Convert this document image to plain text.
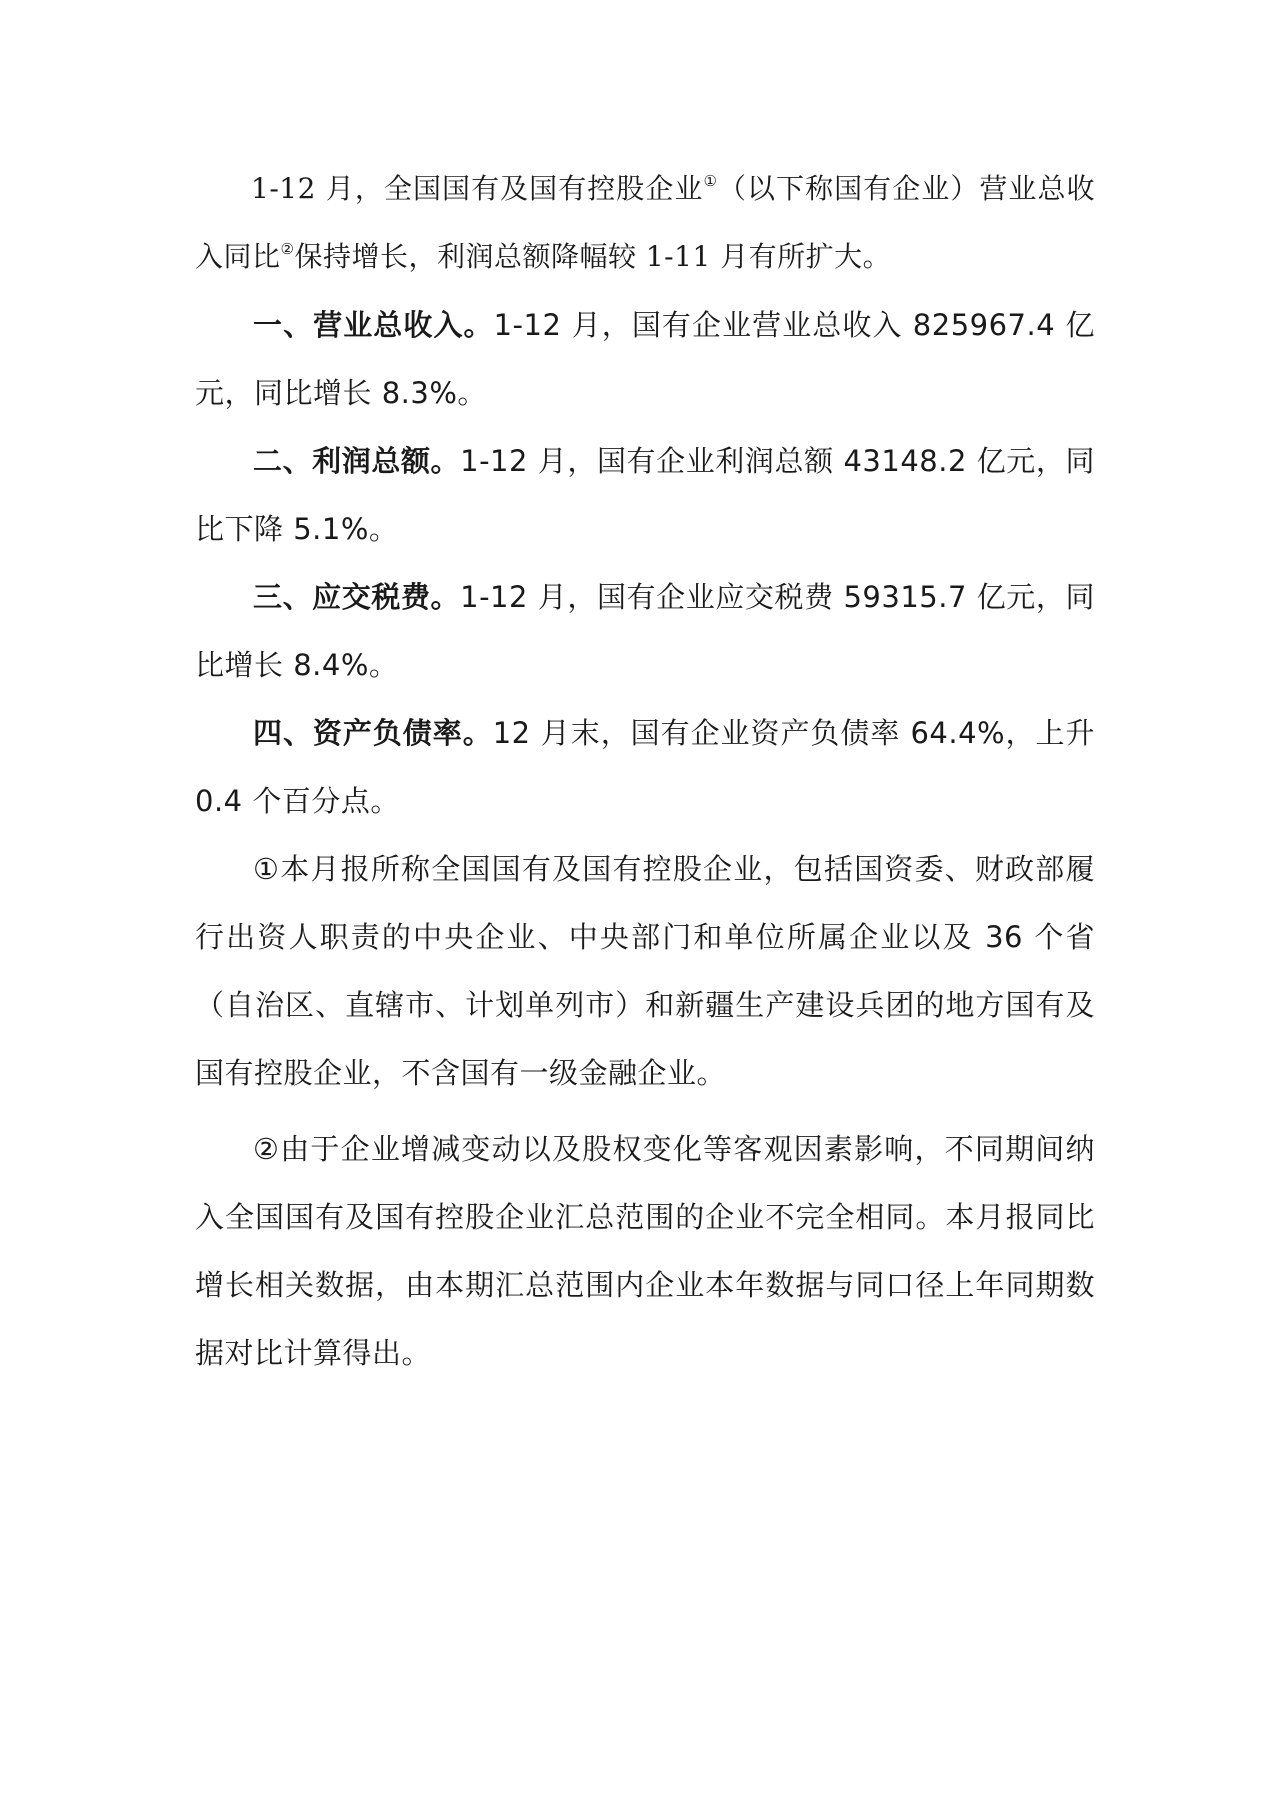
1-12 月，全国国有及国有控股企业①（以下称国有企业）营业总收入同比②保持增长，利润总额降幅较 1-11 月有所扩大。

一、营业总收入。1-12 月，国有企业营业总收入 825967.4 亿元，同比增长 8.3%。

二、利润总额。1-12 月，国有企业利润总额 43148.2 亿元，同比下降 5.1%。

三、应交税费。1-12 月，国有企业应交税费 59315.7 亿元，同比增长 8.4%。

四、资产负债率。12 月末，国有企业资产负债率 64.4%，上升 0.4 个百分点。

①本月报所称全国国有及国有控股企业，包括国资委、财政部履行出资人职责的中央企业、中央部门和单位所属企业以及 36 个省（自治区、直辖市、计划单列市）和新疆生产建设兵团的地方国有及国有控股企业，不含国有一级金融企业。

②由于企业增减变动以及股权变化等客观因素影响，不同期间纳入全国国有及国有控股企业汇总范围的企业不完全相同。本月报同比增长相关数据，由本期汇总范围内企业本年数据与同口径上年同期数据对比计算得出。
